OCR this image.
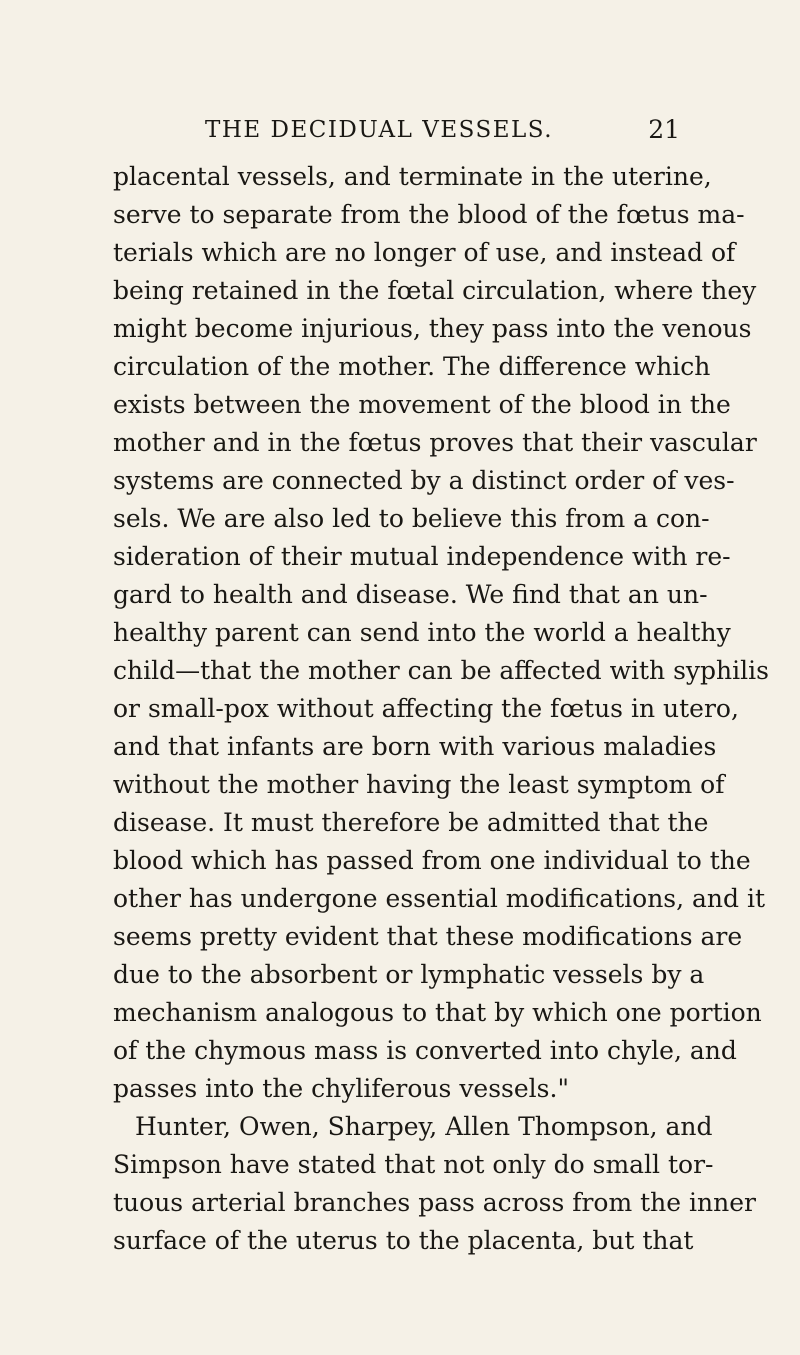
THE DECIDUAL VESSELS.	21
placental vessels, and terminate in the uterine,
serve to separate from the blood of the fœtus ma-
terials which are no longer of use, and instead of
being retained in the fœtal circulation, where they
might become injurious, they pass into the venous
circulation of the mother. The difference which
exists between the movement of the blood in the
mother and in the fœtus proves that their vascular
systems are connected by a distinct order of ves-
sels. We are also led to believe this from a con-
sideration of their mutual independence with re-
gard to health and disease. We find that an un-
healthy parent can send into the world a healthy
child—that the mother can be affected with syphilis
or small-pox without affecting the fœtus in utero,
and that infants are born with various maladies
without the mother having the least symptom of
disease. It must therefore be admitted that the
blood which has passed from one individual to the
other has undergone essential modifications, and it
seems pretty evident that these modifications are
due to the absorbent or lymphatic vessels by a
mechanism analogous to that by which one portion
of the chymous mass is converted into chyle, and
passes into the chyliferous vessels."
Hunter, Owen, Sharpey, Allen Thompson, and
Simpson have stated that not only do small tor-
tuous arterial branches pass across from the inner
surface of the uterus to the placenta, but that
